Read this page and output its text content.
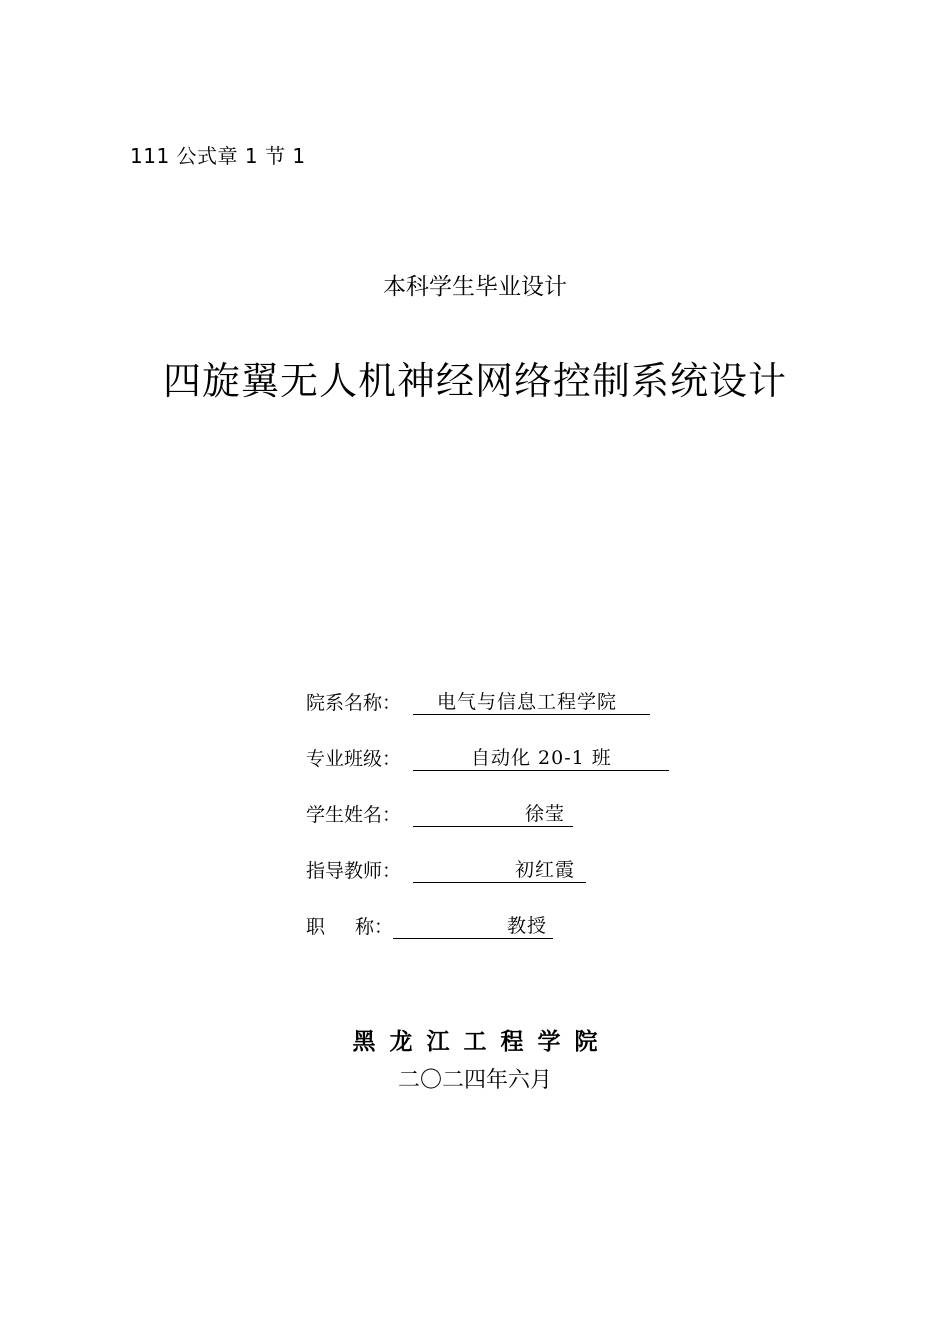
111 公式章 1 节 1
本科学生毕业设计
四旋翼无人机神经网络控制系统设计
院系名称：	电气与信息工程学院
专业班级：	自动化 20-1 班
学生姓名：	徐莹
指导教师：	初红霞
职 称：	教授
黑龙江工程学院
二〇二四年六月
